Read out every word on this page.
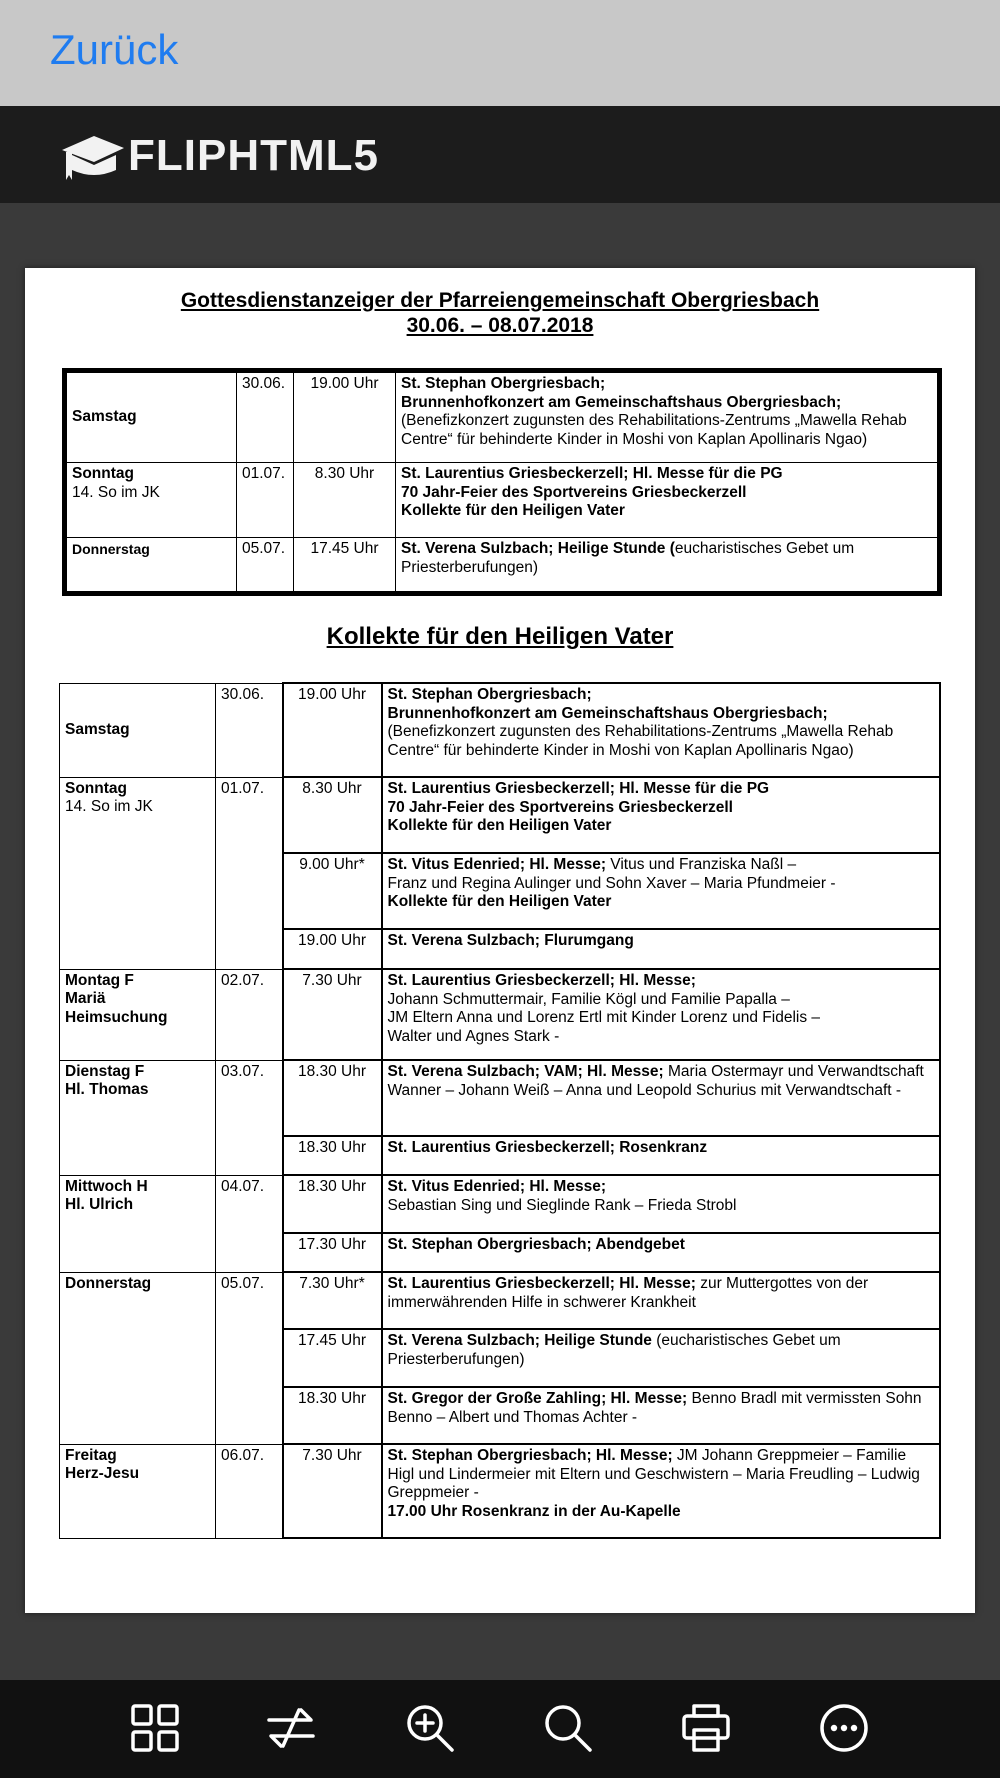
Zurück
FLIPHTML5
Gottesdienstanzeiger der Pfarreiengemeinschaft Obergriesbach
30.06. – 08.07.2018
Samstag	30.06.	19.00 Uhr	St. Stephan Obergriesbach;
Brunnenhofkonzert am Gemeinschaftshaus Obergriesbach;
(Benefizkonzert zugunsten des Rehabilitations-Zentrums „Mawella Rehab Centre“ für behinderte Kinder in Moshi von Kaplan Apollinaris Ngao)
Sonntag
14. So im JK	01.07.	8.30 Uhr	St. Laurentius Griesbeckerzell; Hl. Messe für die PG
70 Jahr-Feier des Sportvereins Griesbeckerzell
Kollekte für den Heiligen Vater
Donnerstag	05.07.	17.45 Uhr	St. Verena Sulzbach; Heilige Stunde (eucharistisches Gebet um Priesterberufungen)
Kollekte für den Heiligen Vater
Samstag	30.06.	19.00 Uhr	St. Stephan Obergriesbach;
Brunnenhofkonzert am Gemeinschaftshaus Obergriesbach;
(Benefizkonzert zugunsten des Rehabilitations-Zentrums „Mawella Rehab Centre“ für behinderte Kinder in Moshi von Kaplan Apollinaris Ngao)
Sonntag
14. So im JK	01.07.	8.30 Uhr	St. Laurentius Griesbeckerzell; Hl. Messe für die PG
70 Jahr-Feier des Sportvereins Griesbeckerzell
Kollekte für den Heiligen Vater
		9.00 Uhr*	St. Vitus Edenried; Hl. Messe; Vitus und Franziska Naßl –
Franz und Regina Aulinger und Sohn Xaver – Maria Pfundmeier -
Kollekte für den Heiligen Vater
		19.00 Uhr	St. Verena Sulzbach; Flurumgang
Montag F
Mariä
Heimsuchung	02.07.	7.30 Uhr	St. Laurentius Griesbeckerzell; Hl. Messe;
Johann Schmuttermair, Familie Kögl und Familie Papalla –
JM Eltern Anna und Lorenz Ertl mit Kinder Lorenz und Fidelis –
Walter und Agnes Stark -
Dienstag F
Hl. Thomas	03.07.	18.30 Uhr	St. Verena Sulzbach; VAM; Hl. Messe; Maria Ostermayr und Verwandtschaft Wanner – Johann Weiß – Anna und Leopold Schurius mit Verwandtschaft -
		18.30 Uhr	St. Laurentius Griesbeckerzell; Rosenkranz
Mittwoch H
Hl. Ulrich	04.07.	18.30 Uhr	St. Vitus Edenried; Hl. Messe;
Sebastian Sing und Sieglinde Rank – Frieda Strobl
		17.30 Uhr	St. Stephan Obergriesbach; Abendgebet
Donnerstag	05.07.	7.30 Uhr*	St. Laurentius Griesbeckerzell; Hl. Messe; zur Muttergottes von der immerwährenden Hilfe in schwerer Krankheit
		17.45 Uhr	St. Verena Sulzbach; Heilige Stunde (eucharistisches Gebet um Priesterberufungen)
		18.30 Uhr	St. Gregor der Große Zahling; Hl. Messe; Benno Bradl mit vermissten Sohn Benno – Albert und Thomas Achter -
Freitag
Herz-Jesu	06.07.	7.30 Uhr	St. Stephan Obergriesbach; Hl. Messe; JM Johann Greppmeier – Familie Higl und Lindermeier mit Eltern und Geschwistern – Maria Freudling – Ludwig Greppmeier -
17.00 Uhr Rosenkranz in der Au-Kapelle
